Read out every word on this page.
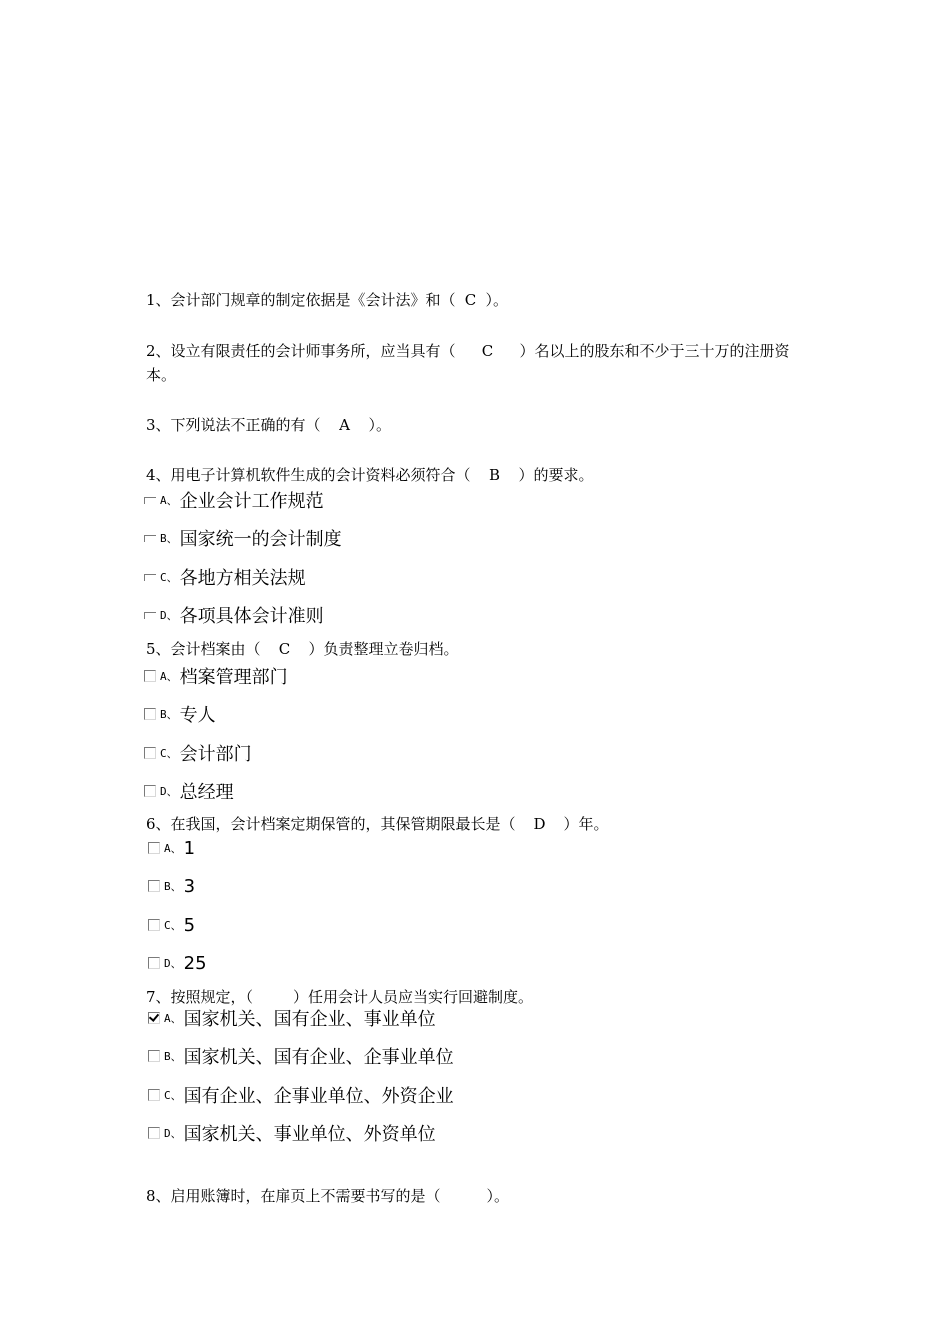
1、会计部门规章的制定依据是《会计法》和（ C ）。
2、设立有限责任的会计师事务所，应当具有（ C ）名以上的股东和不少于三十万的注册资本。
3、下列说法不正确的有（ A ）。
4、用电子计算机软件生成的会计资料必须符合（ B ）的要求。
A、 企业会计工作规范
B、 国家统一的会计制度
C、 各地方相关法规
D、 各项具体会计准则
5、会计档案由（ C ）负责整理立卷归档。
A、 档案管理部门
B、 专人
C、 会计部门
D、 总经理
6、在我国，会计档案定期保管的，其保管期限最长是（ D ）年。
A、 1
B、 3
C、 5
D、 25
7、按照规定，（	）任用会计人员应当实行回避制度。
A、 国家机关、国有企业、事业单位
B、 国家机关、国有企业、企事业单位
C、 国有企业、企事业单位、外资企业
D、 国家机关、事业单位、外资单位
8、启用账簿时，在扉页上不需要书写的是（	）。
